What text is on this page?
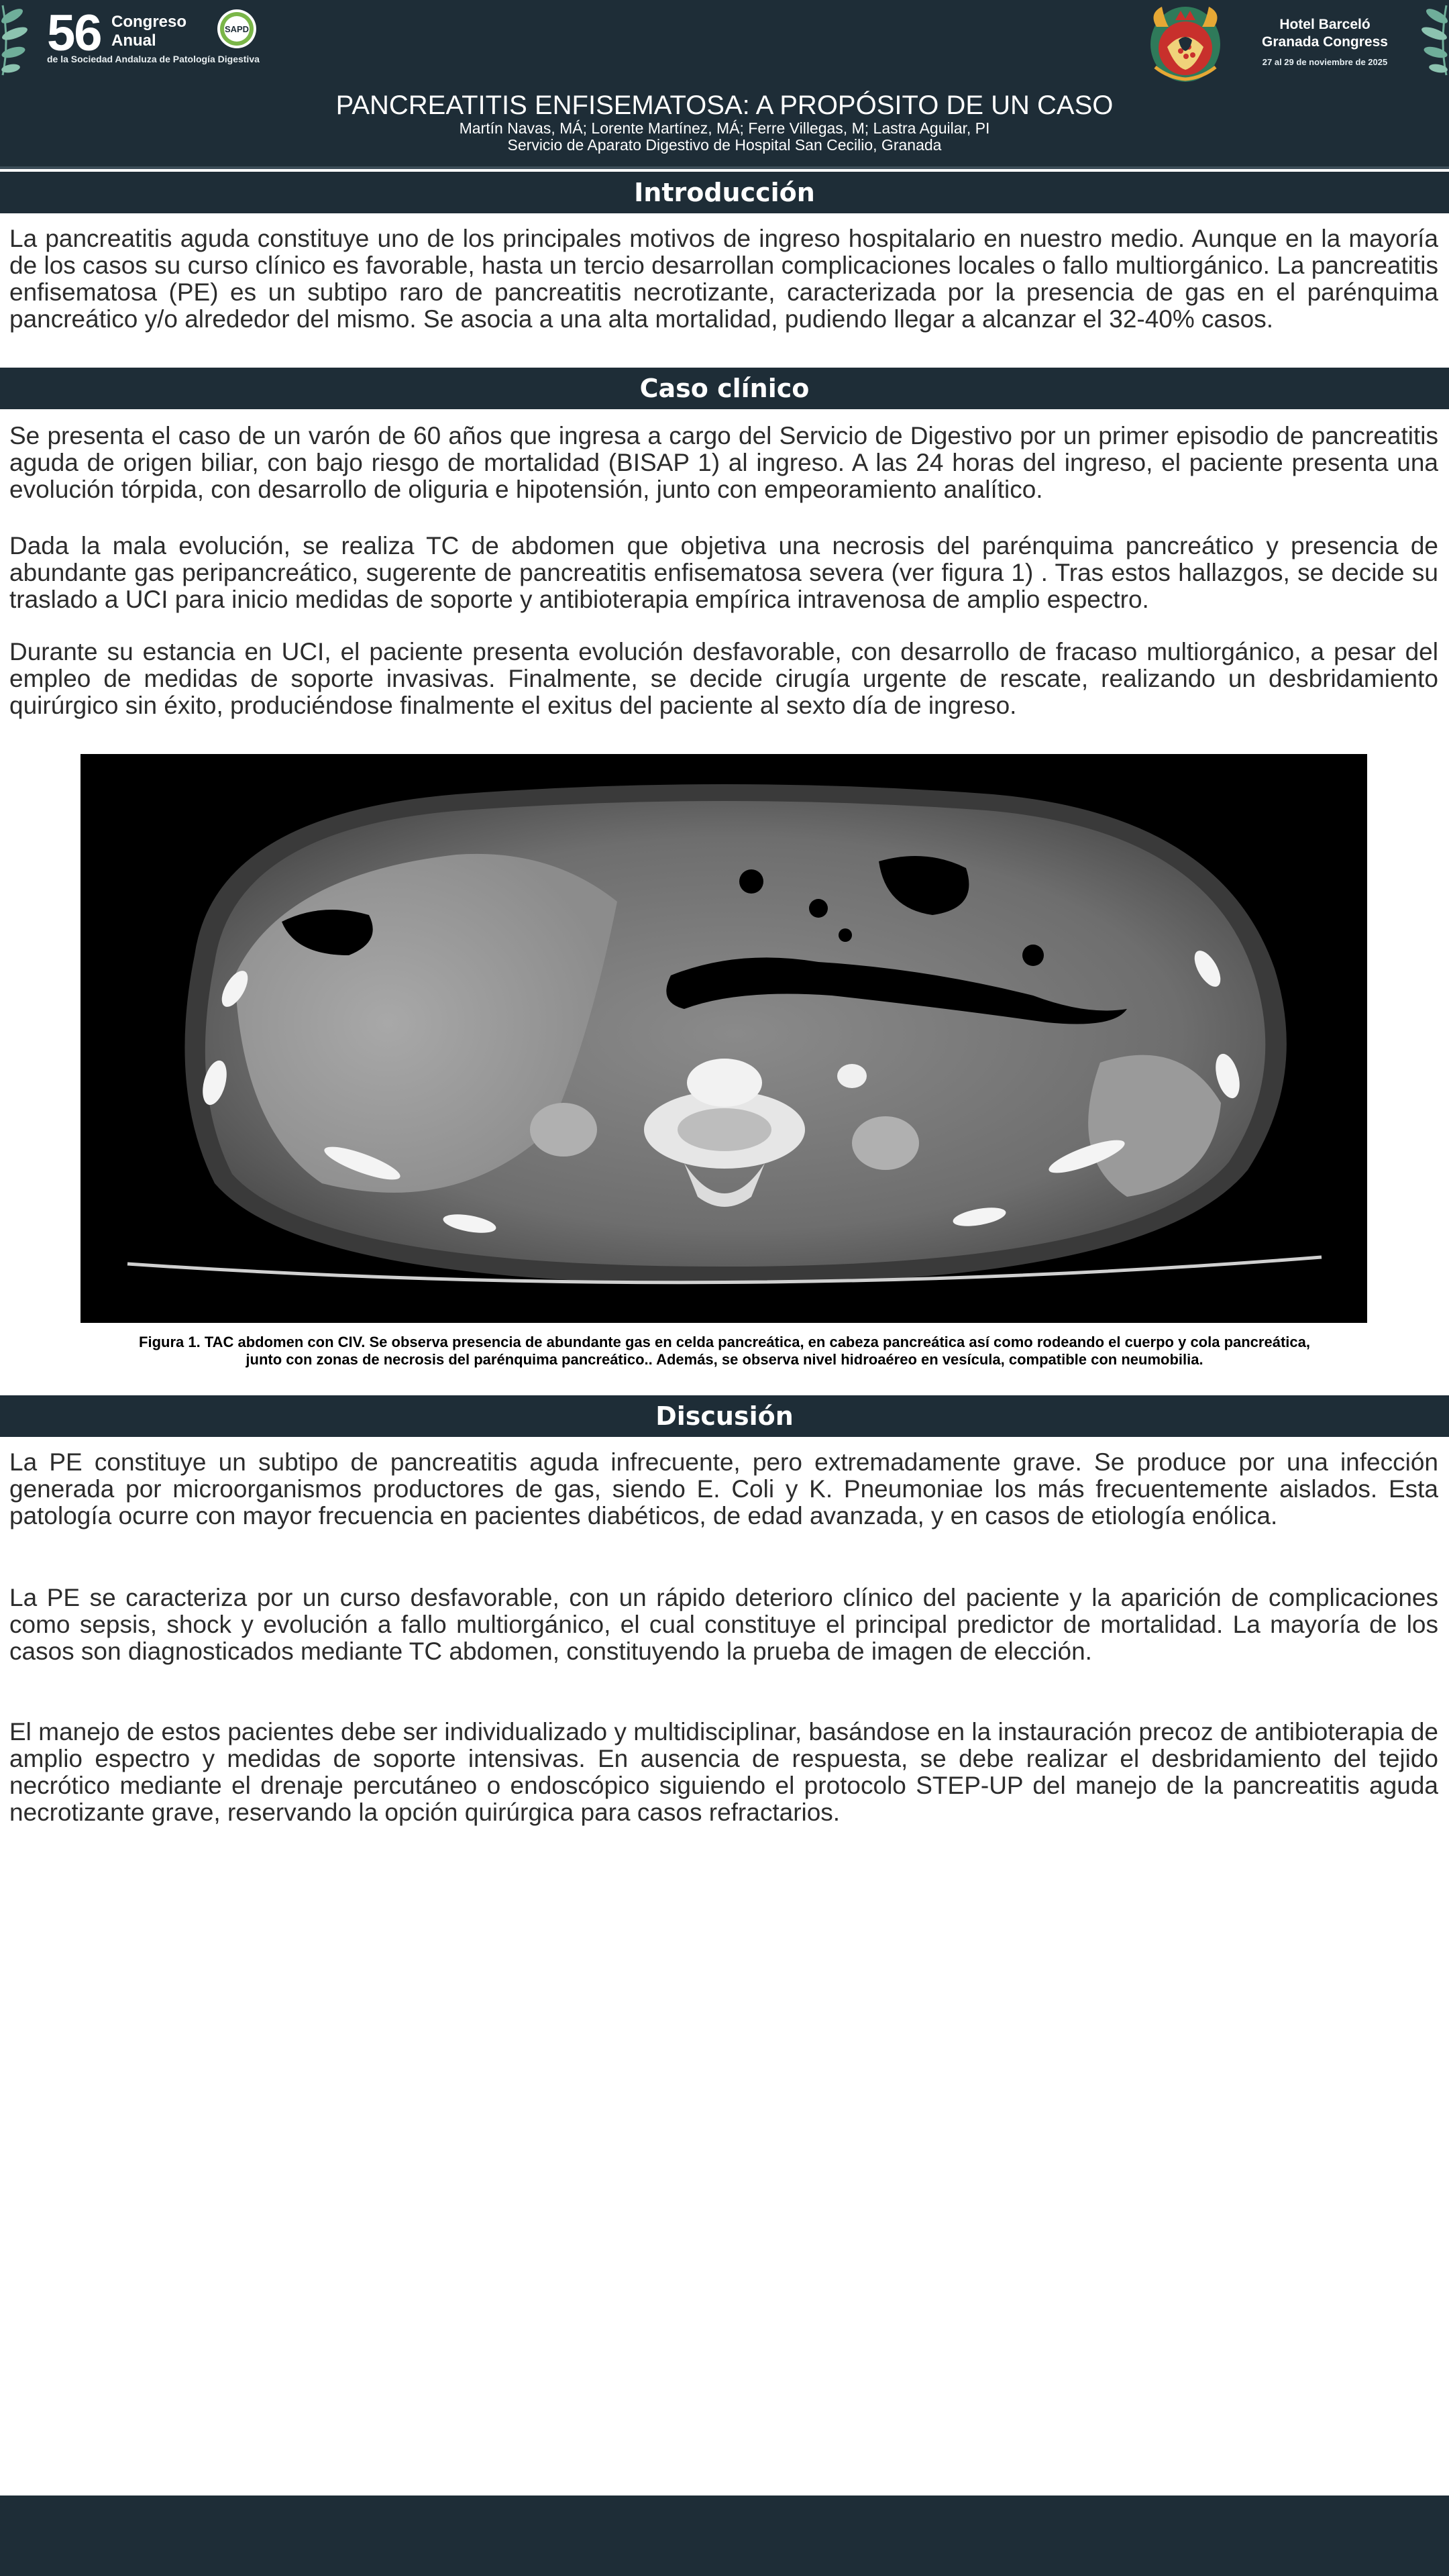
56 Congreso
Anual
de la Sociedad Andaluza de Patología Digestiva
SAPD	Hotel Barceló
Granada Congress
27 al 29 de noviembre de 2025
PANCREATITIS ENFISEMATOSA: A PROPÓSITO DE UN CASO
Martín Navas, MÁ; Lorente Martínez, MÁ; Ferre Villegas, M; Lastra Aguilar, PI
Servicio de Aparato Digestivo de Hospital San Cecilio, Granada
Introducción
La pancreatitis aguda constituye uno de los principales motivos de ingreso hospitalario en nuestro medio. Aunque en la mayoría de los casos su curso clínico es favorable, hasta un tercio desarrollan complicaciones locales o fallo multiorgánico. La pancreatitis enfisematosa (PE) es un subtipo raro de pancreatitis necrotizante, caracterizada por la presencia de gas en el parénquima pancreático y/o alrededor del mismo. Se asocia a una alta mortalidad, pudiendo llegar a alcanzar el 32-40% casos.
Caso clínico
Se presenta el caso de un varón de 60 años que ingresa a cargo del Servicio de Digestivo por un primer episodio de pancreatitis aguda de origen biliar, con bajo riesgo de mortalidad (BISAP 1) al ingreso. A las 24 horas del ingreso, el paciente presenta una evolución tórpida, con desarrollo de oliguria e hipotensión, junto con empeoramiento analítico.
Dada la mala evolución, se realiza TC de abdomen que objetiva una necrosis del parénquima pancreático y presencia de abundante gas peripancreático, sugerente de pancreatitis enfisematosa severa (ver figura 1) . Tras estos hallazgos, se decide su traslado a UCI para inicio medidas de soporte y antibioterapia empírica intravenosa de amplio espectro.
Durante su estancia en UCI, el paciente presenta evolución desfavorable, con desarrollo de fracaso multiorgánico, a pesar del empleo de medidas de soporte invasivas. Finalmente, se decide cirugía urgente de rescate, realizando un desbridamiento quirúrgico sin éxito, produciéndose finalmente el exitus del paciente al sexto día de ingreso.
Figura 1. TAC abdomen con CIV. Se observa presencia de abundante gas en celda pancreática, en cabeza pancreática así como rodeando el cuerpo y cola pancreática, junto con zonas de necrosis del parénquima pancreático.. Además, se observa nivel hidroaéreo en vesícula, compatible con neumobilia.
Discusión
La PE constituye un subtipo de pancreatitis aguda infrecuente, pero extremadamente grave. Se produce por una infección generada por microorganismos productores de gas, siendo E. Coli y K. Pneumoniae los más frecuentemente aislados. Esta patología ocurre con mayor frecuencia en pacientes diabéticos, de edad avanzada, y en casos de etiología enólica.
La PE se caracteriza por un curso desfavorable, con un rápido deterioro clínico del paciente y la aparición de complicaciones como sepsis, shock y evolución a fallo multiorgánico, el cual constituye el principal predictor de mortalidad. La mayoría de los casos son diagnosticados mediante TC abdomen, constituyendo la prueba de imagen de elección.
El manejo de estos pacientes debe ser individualizado y multidisciplinar, basándose en la instauración precoz de antibioterapia de amplio espectro y medidas de soporte intensivas. En ausencia de respuesta, se debe realizar el desbridamiento del tejido necrótico mediante el drenaje percutáneo o endoscópico siguiendo el protocolo STEP-UP del manejo de la pancreatitis aguda necrotizante grave, reservando la opción quirúrgica para casos refractarios.
